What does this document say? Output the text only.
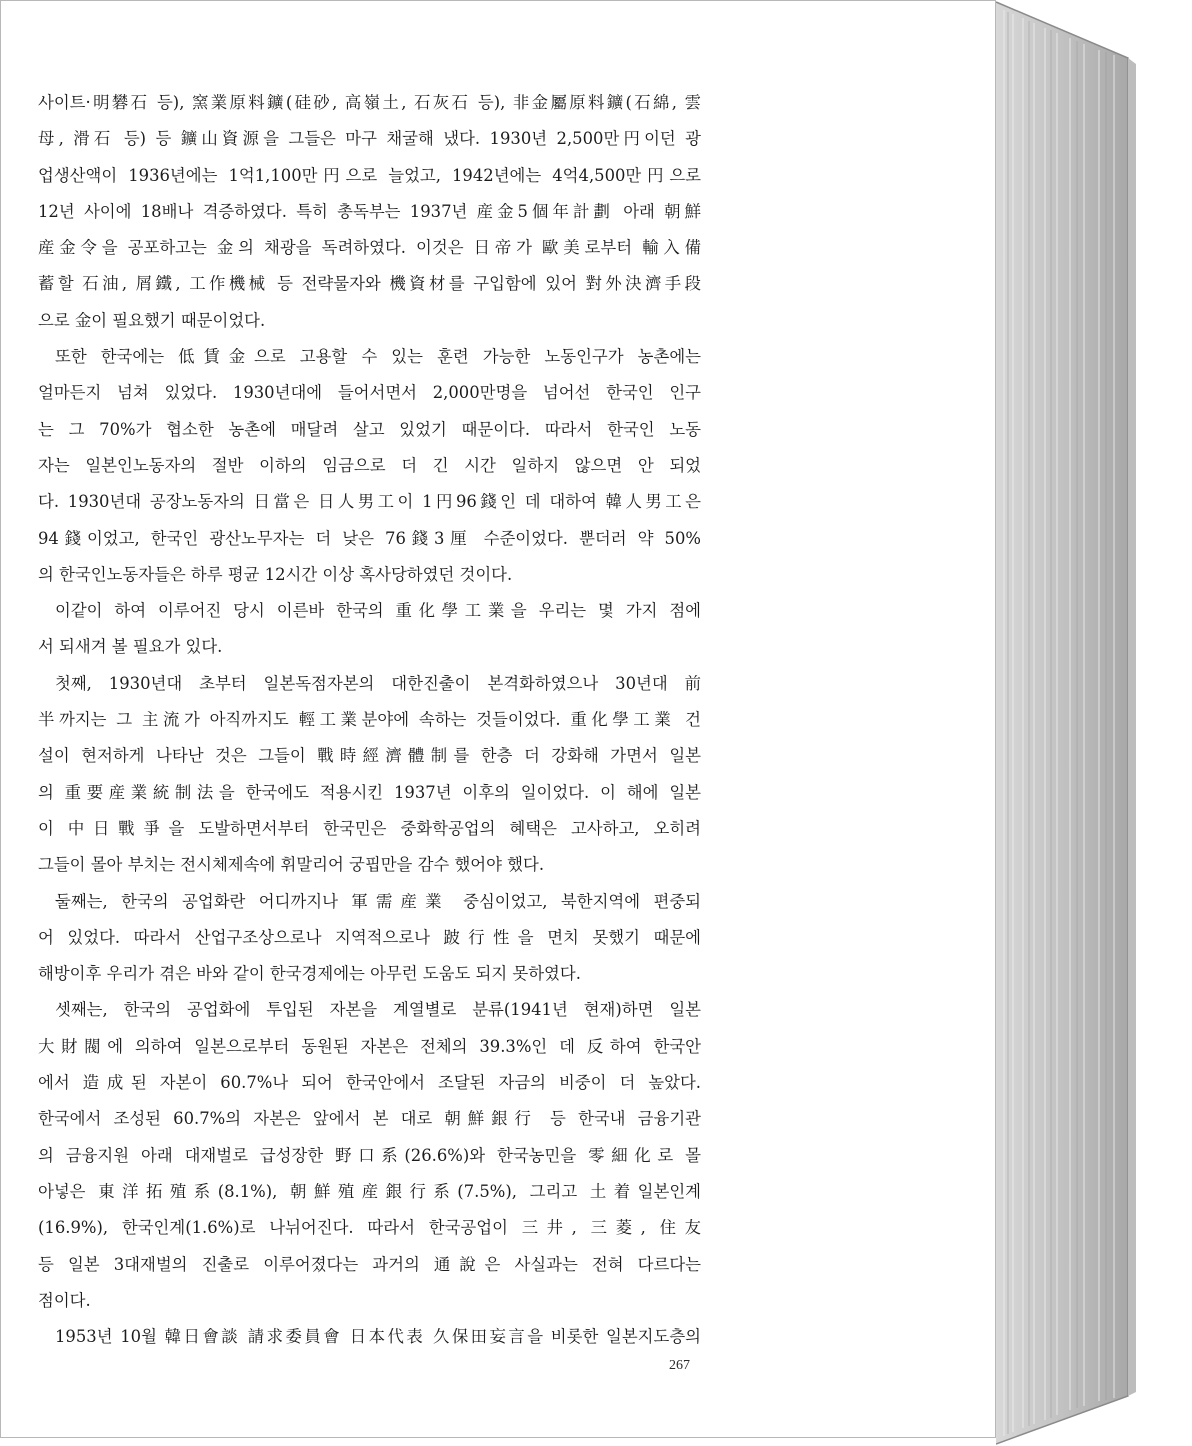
사이트·明礬石 등), 窯業原料鑛(硅砂, 高嶺土, 石灰石 등), 非金屬原料鑛(石綿, 雲
母, 滑石 등) 등 鑛山資源을 그들은 마구 채굴해 냈다. 1930년 2,500만円이던 광
업생산액이 1936년에는 1억1,100만円으로 늘었고, 1942년에는 4억4,500만円으로
12년 사이에 18배나 격증하였다. 특히 총독부는 1937년 産金5個年計劃 아래 朝鮮
産金令을 공포하고는 金의 채광을 독려하였다. 이것은 日帝가 歐美로부터 輸入備
蓄할 石油, 屑鐵, 工作機械 등 전략물자와 機資材를 구입함에 있어 對外決濟手段
으로 金이 필요했기 때문이었다.
또한 한국에는 低賃金으로 고용할 수 있는 훈련 가능한 노동인구가 농촌에는
얼마든지 넘쳐 있었다. 1930년대에 들어서면서 2,000만명을 넘어선 한국인 인구
는 그 70%가 협소한 농촌에 매달려 살고 있었기 때문이다. 따라서 한국인 노동
자는 일본인노동자의 절반 이하의 임금으로 더 긴 시간 일하지 않으면 안 되었
다. 1930년대 공장노동자의 日當은 日人男工이 1円96錢인 데 대하여 韓人男工은
94錢이었고, 한국인 광산노무자는 더 낮은 76錢3厘 수준이었다. 뿐더러 약 50%
의 한국인노동자들은 하루 평균 12시간 이상 혹사당하였던 것이다.
이같이 하여 이루어진 당시 이른바 한국의 重化學工業을 우리는 몇 가지 점에
서 되새겨 볼 필요가 있다.
첫째, 1930년대 초부터 일본독점자본의 대한진출이 본격화하였으나 30년대 前
半까지는 그 主流가 아직까지도 輕工業분야에 속하는 것들이었다. 重化學工業 건
설이 현저하게 나타난 것은 그들이 戰時經濟體制를 한층 더 강화해 가면서 일본
의 重要産業統制法을 한국에도 적용시킨 1937년 이후의 일이었다. 이 해에 일본
이 中日戰爭을 도발하면서부터 한국민은 중화학공업의 혜택은 고사하고, 오히려
그들이 몰아 부치는 전시체제속에 휘말리어 궁핍만을 감수 했어야 했다.
둘째는, 한국의 공업화란 어디까지나 軍需産業 중심이었고, 북한지역에 편중되
어 있었다. 따라서 산업구조상으로나 지역적으로나 跛行性을 면치 못했기 때문에
해방이후 우리가 겪은 바와 같이 한국경제에는 아무런 도움도 되지 못하였다.
셋째는, 한국의 공업화에 투입된 자본을 계열별로 분류(1941년 현재)하면 일본
大財閥에 의하여 일본으로부터 동원된 자본은 전체의 39.3%인 데 反하여 한국안
에서 造成된 자본이 60.7%나 되어 한국안에서 조달된 자금의 비중이 더 높았다.
한국에서 조성된 60.7%의 자본은 앞에서 본 대로 朝鮮銀行 등 한국내 금융기관
의 금융지원 아래 대재벌로 급성장한 野口系(26.6%)와 한국농민을 零細化로 몰
아넣은 東洋拓殖系(8.1%), 朝鮮殖産銀行系(7.5%), 그리고 土着일본인계
(16.9%), 한국인계(1.6%)로 나뉘어진다. 따라서 한국공업이 三井, 三菱, 住友
등 일본 3대재벌의 진출로 이루어졌다는 과거의 通說은 사실과는 전혀 다르다는
점이다.
1953년 10월 韓日會談 請求委員會 日本代表 久保田妄言을 비롯한 일본지도층의
267
